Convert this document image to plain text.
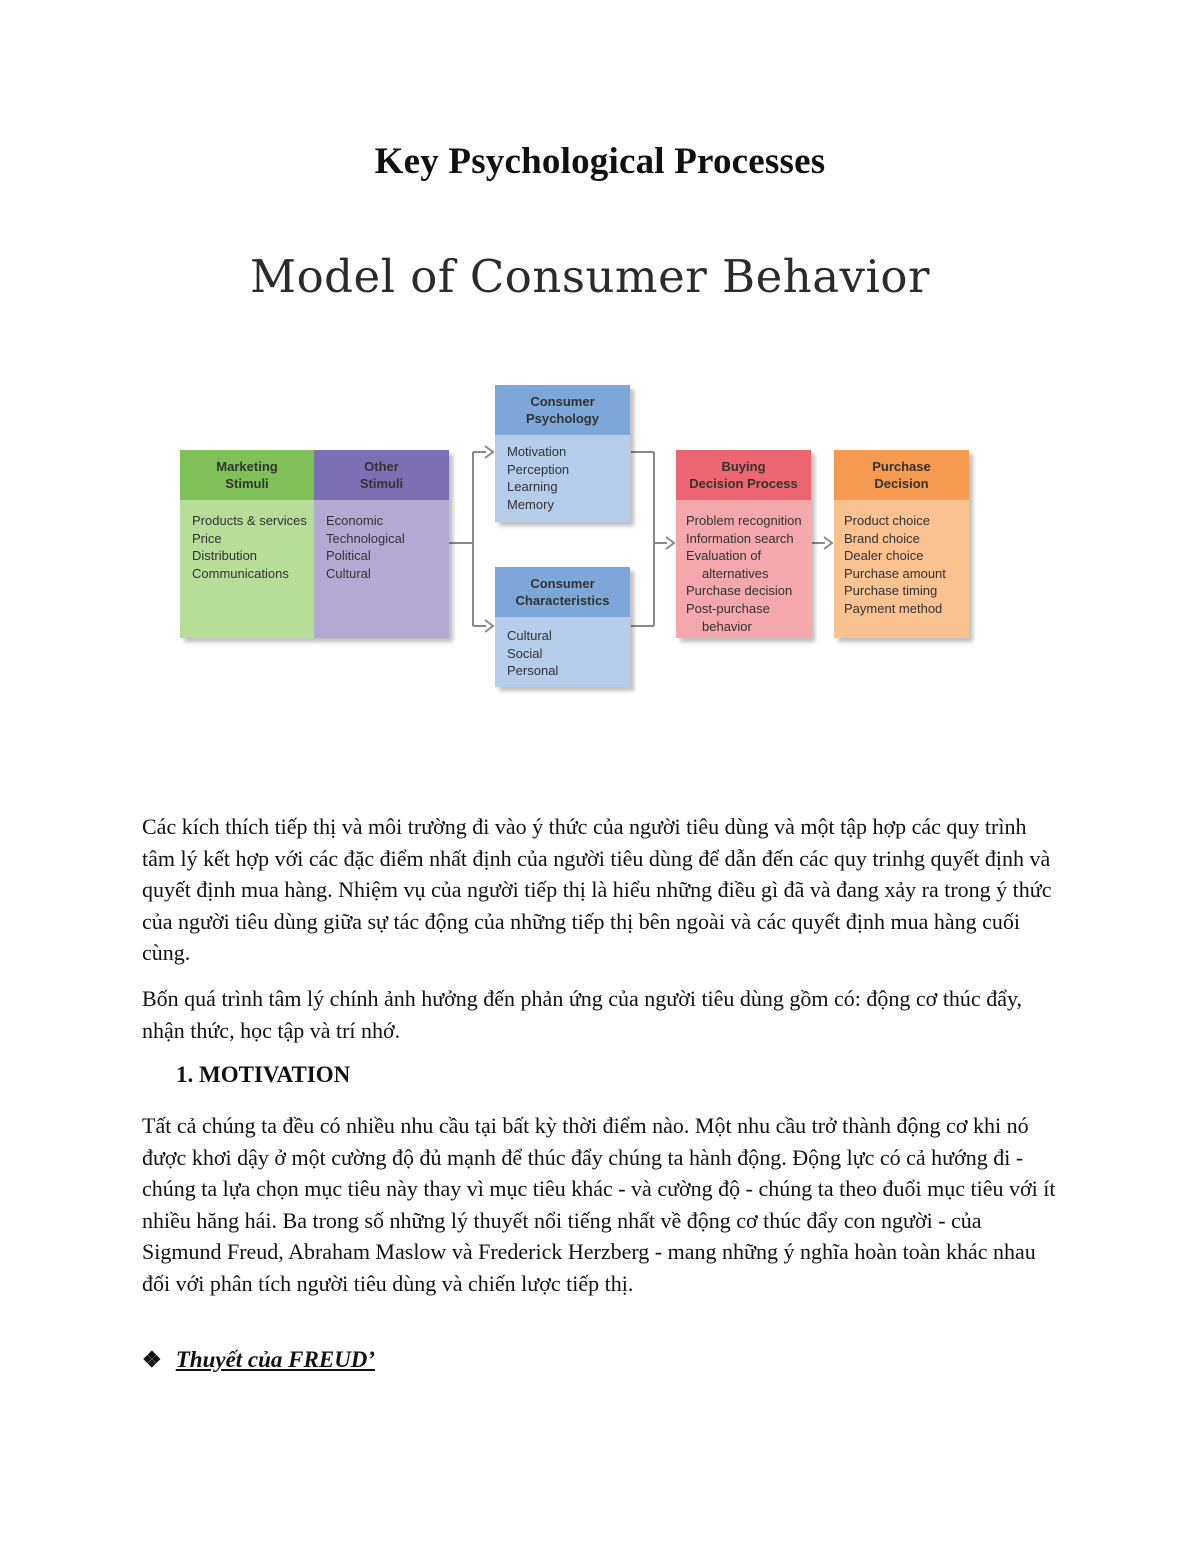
Key Psychological Processes
Model of Consumer Behavior
Marketing
Stimuli
Products & services
Price
Distribution
Communications
Other
Stimuli
Economic
Technological
Political
Cultural
Consumer
Psychology
Motivation
Perception
Learning
Memory
Consumer
Characteristics
Cultural
Social
Personal
Buying
Decision Process
Problem recognition
Information search
Evaluation of
alternatives
Purchase decision
Post-purchase
behavior
Purchase
Decision
Product choice
Brand choice
Dealer choice
Purchase amount
Purchase timing
Payment method

Các kích thích tiếp thị và môi trường đi vào ý thức của người tiêu dùng và một tập hợp các quy trình tâm lý kết hợp với các đặc điểm nhất định của người tiêu dùng để dẫn đến các quy trinhg quyết định và quyết định mua hàng. Nhiệm vụ của người tiếp thị là hiểu những điều gì đã và đang xảy ra trong ý thức của người tiêu dùng giữa sự tác động của những tiếp thị bên ngoài và các quyết định mua hàng cuối cùng.

Bốn quá trình tâm lý chính ảnh hưởng đến phản ứng của người tiêu dùng gồm có: động cơ thúc đẩy, nhận thức, học tập và trí nhớ.

1. MOTIVATION

Tất cả chúng ta đều có nhiều nhu cầu tại bất kỳ thời điểm nào. Một nhu cầu trở thành động cơ khi nó được khơi dậy ở một cường độ đủ mạnh để thúc đẩy chúng ta hành động. Động lực có cả hướng đi - chúng ta lựa chọn mục tiêu này thay vì mục tiêu khác - và cường độ - chúng ta theo đuổi mục tiêu với ít nhiều hăng hái. Ba trong số những lý thuyết nổi tiếng nhất về động cơ thúc đẩy con người - của Sigmund Freud, Abraham Maslow và Frederick Herzberg - mang những ý nghĩa hoàn toàn khác nhau đối với phân tích người tiêu dùng và chiến lược tiếp thị.

❖ Thuyết của FREUD’
